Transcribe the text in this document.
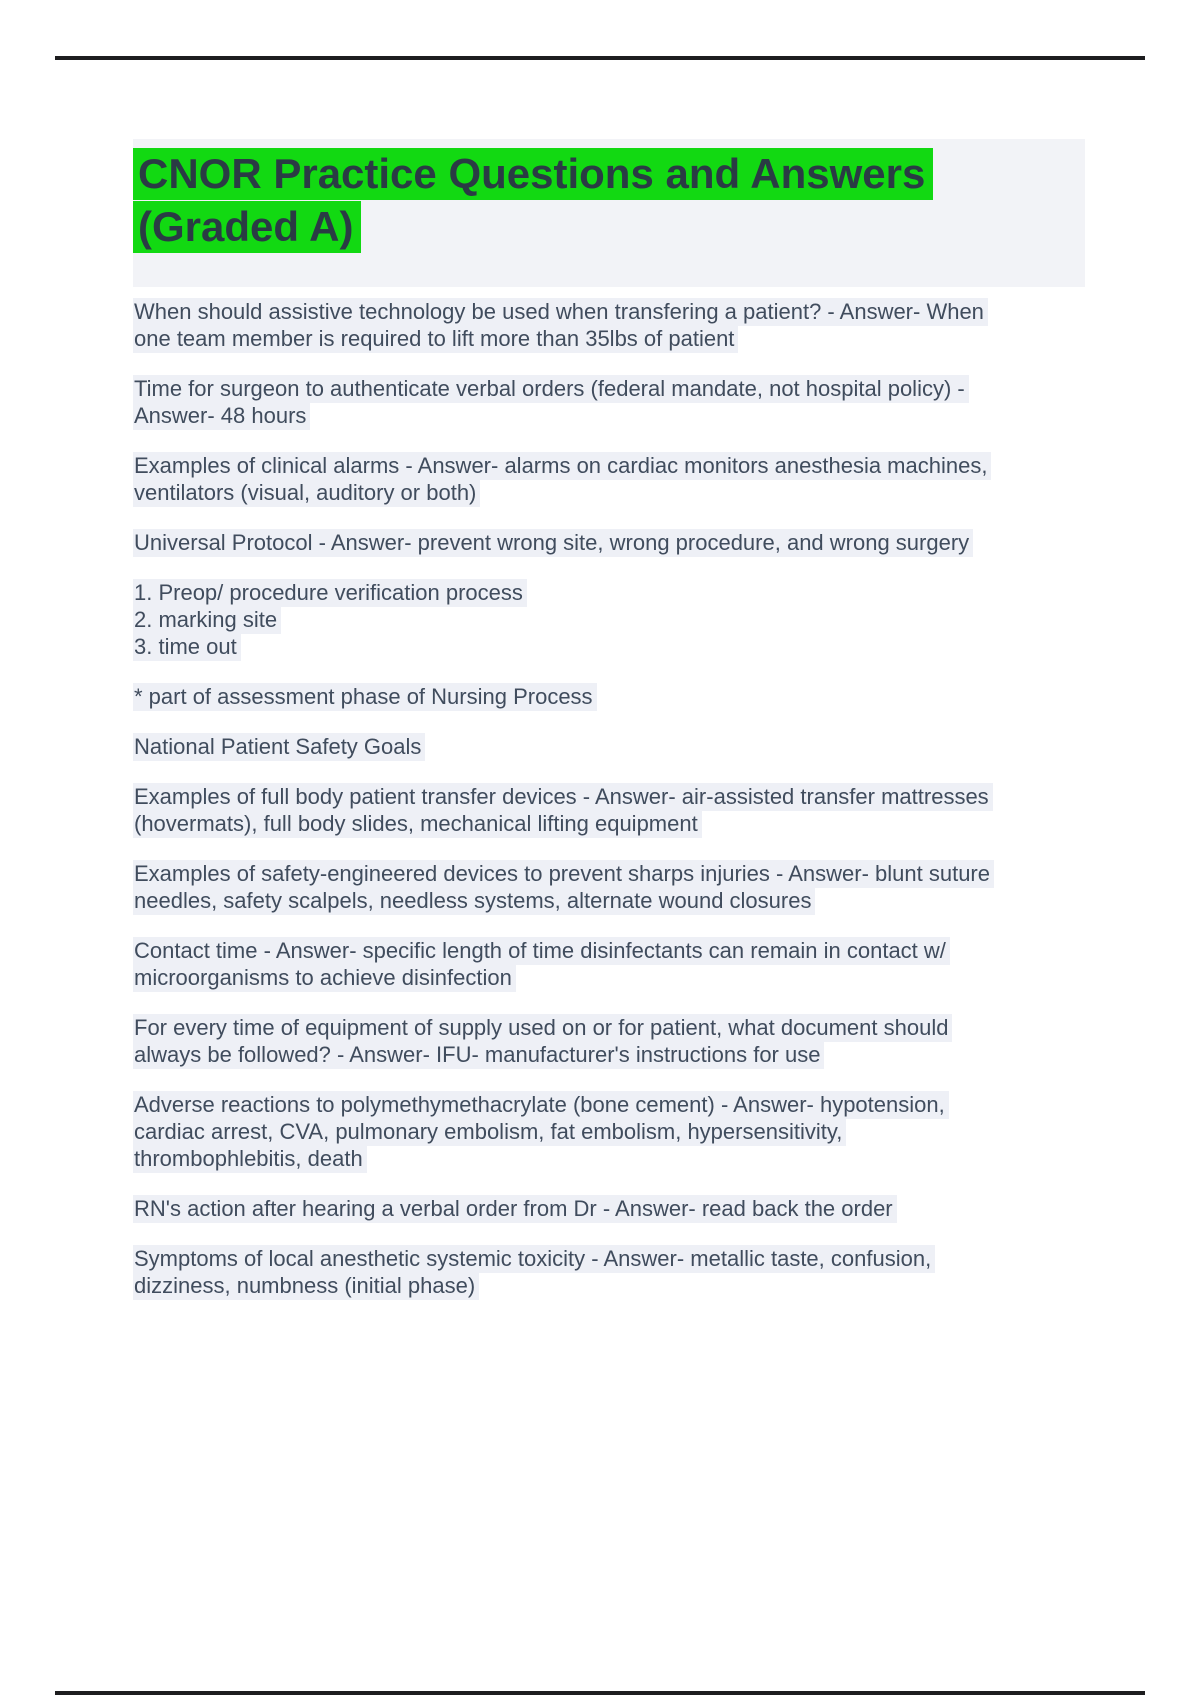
CNOR Practice Questions and Answers
(Graded A)

When should assistive technology be used when transfering a patient? - Answer- When
one team member is required to lift more than 35lbs of patient

Time for surgeon to authenticate verbal orders (federal mandate, not hospital policy) -
Answer- 48 hours

Examples of clinical alarms - Answer- alarms on cardiac monitors anesthesia machines,
ventilators (visual, auditory or both)

Universal Protocol - Answer- prevent wrong site, wrong procedure, and wrong surgery

1. Preop/ procedure verification process
2. marking site
3. time out

* part of assessment phase of Nursing Process

National Patient Safety Goals

Examples of full body patient transfer devices - Answer- air-assisted transfer mattresses
(hovermats), full body slides, mechanical lifting equipment

Examples of safety-engineered devices to prevent sharps injuries - Answer- blunt suture
needles, safety scalpels, needless systems, alternate wound closures

Contact time - Answer- specific length of time disinfectants can remain in contact w/
microorganisms to achieve disinfection

For every time of equipment of supply used on or for patient, what document should
always be followed? - Answer- IFU- manufacturer's instructions for use

Adverse reactions to polymethymethacrylate (bone cement) - Answer- hypotension,
cardiac arrest, CVA, pulmonary embolism, fat embolism, hypersensitivity,
thrombophlebitis, death

RN's action after hearing a verbal order from Dr - Answer- read back the order

Symptoms of local anesthetic systemic toxicity - Answer- metallic taste, confusion,
dizziness, numbness (initial phase)
